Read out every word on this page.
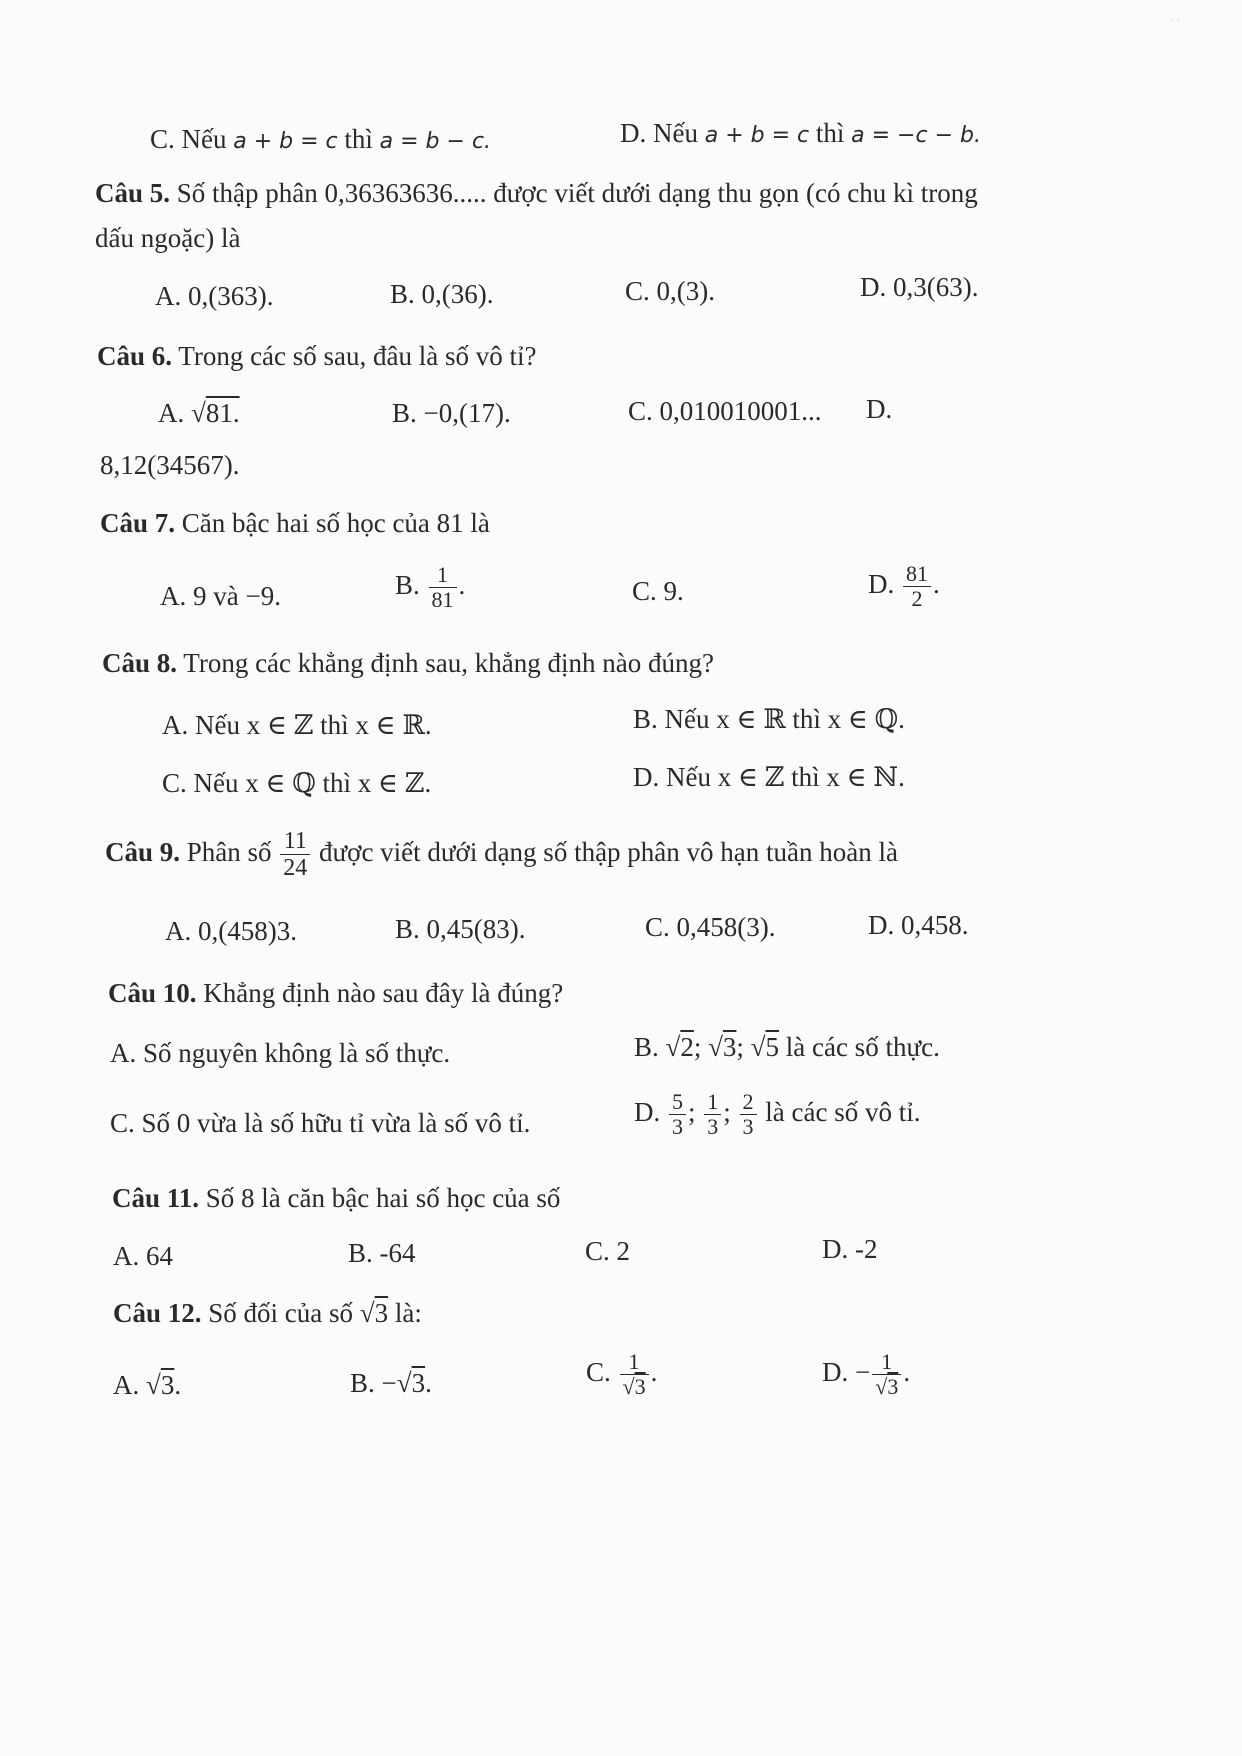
· ·
C. Nếu a + b = c thì a = b − c.	D. Nếu a + b = c thì a = −c − b.
Câu 5. Số thập phân 0,36363636..... được viết dưới dạng thu gọn (có chu kì trong
dấu ngoặc) là
A. 0,(363).	B. 0,(36).	C. 0,(3).	D. 0,3(63).
Câu 6. Trong các số sau, đâu là số vô tỉ?
A. √81.	B. −0,(17).	C. 0,010010001... D.
8,12(34567).
Câu 7. Căn bậc hai số học của 81 là
A. 9 và −9.	B. $\frac{1}{81}$ .	C. 9.	D. $\frac{81}{2}$ .
Câu 8. Trong các khẳng định sau, khẳng định nào đúng?
A. Nếu x ∈ ℤ thì x ∈ ℝ.	B. Nếu x ∈ ℝ thì x ∈ ℚ.
C. Nếu x ∈ ℚ thì x ∈ ℤ.	D. Nếu x ∈ ℤ thì x ∈ ℕ.
Câu 9. Phân số $\frac{11}{24}$ được viết dưới dạng số thập phân vô hạn tuần hoàn là
A. 0,(458)3.	B. 0,45(83).	C. 0,458(3).	D. 0,458.
Câu 10. Khẳng định nào sau đây là đúng?
A. Số nguyên không là số thực.	B. √2; √3; √5 là các số thực.
C. Số 0 vừa là số hữu tỉ vừa là số vô tỉ.	D. $\frac{5}{3}$ ; $\frac{1}{3}$ ; $\frac{2}{3}$ là các số vô tỉ.
Câu 11. Số 8 là căn bậc hai số học của số
A. 64	B. -64	C. 2	D. -2
Câu 12. Số đối của số √3 là:
A. √3.	B. −√3.	C. $\frac{1}{√3}$ .	D. − $\frac{1}{√3}$ .
